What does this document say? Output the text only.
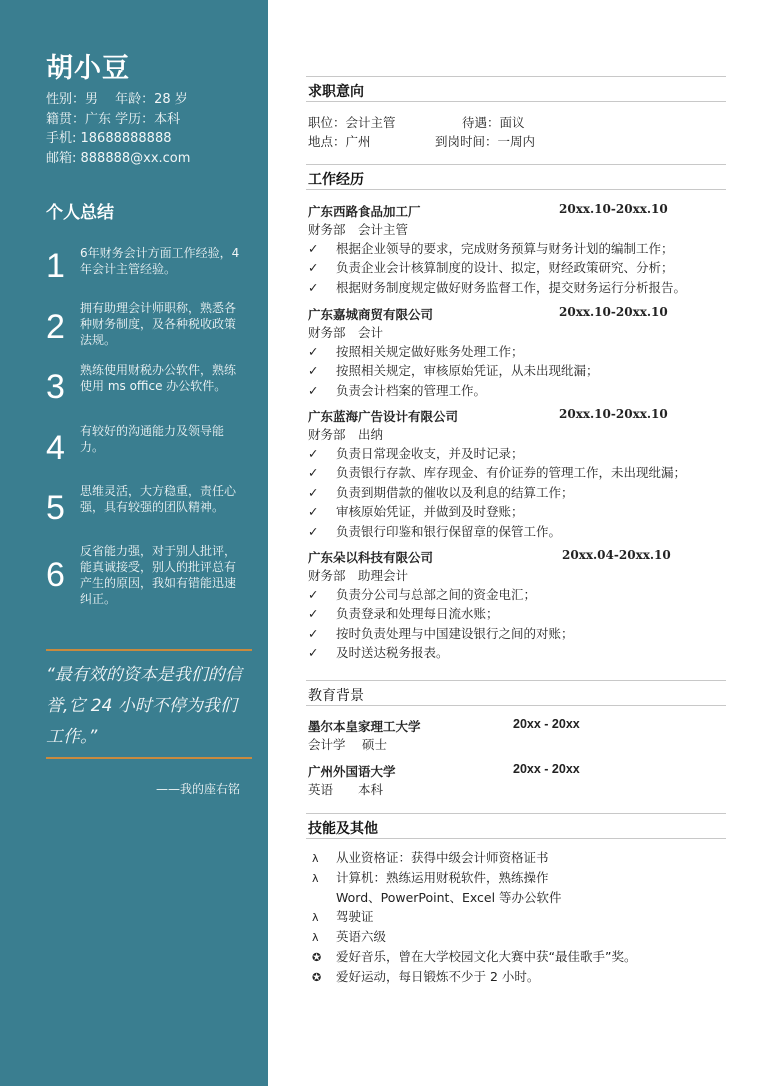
胡小豆
性别：男　 年龄：28 岁
籍贯：广东 学历：本科
手机: 18688888888
邮箱: 888888@xx.com
个人总结
1 6年财务会计方面工作经验，4年会计主管经验。
2 拥有助理会计师职称，熟悉各种财务制度，及各种税收政策法规。
3 熟练使用财税办公软件，熟练使用 ms office 办公软件。
4 有较好的沟通能力及领导能力。
5 思维灵活，大方稳重，责任心强，具有较强的团队精神。
6
反省能力强，对于别人批评，能真诚接受，别人的批评总有产生的原因，我如有错能迅速纠正。
“最有效的资本是我们的信誉,它 24 小时不停为我们工作。”
——我的座右铭
求职意向
职位：会计主管	待遇：面议
地点：广州	到岗时间：一周内
工作经历
广东西路食品加工厂	20xx.10-20xx.10
财务部　会计主管
✓ 根据企业领导的要求，完成财务预算与财务计划的编制工作；
✓ 负责企业会计核算制度的设计、拟定，财经政策研究、分析；
✓ 根据财务制度规定做好财务监督工作，提交财务运行分析报告。
广东嘉城商贸有限公司	20xx.10-20xx.10
财务部　会计
✓ 按照相关规定做好账务处理工作；
✓ 按照相关规定，审核原始凭证，从未出现纰漏；
✓ 负责会计档案的管理工作。
广东蓝海广告设计有限公司	20xx.10-20xx.10
财务部　出纳
✓ 负责日常现金收支，并及时记录；
✓ 负责银行存款、库存现金、有价证券的管理工作，未出现纰漏；
✓ 负责到期借款的催收以及利息的结算工作；
✓ 审核原始凭证，并做到及时登账；
✓ 负责银行印鉴和银行保留章的保管工作。
广东朵以科技有限公司	20xx.04-20xx.10
财务部　助理会计
✓ 负责分公司与总部之间的资金电汇；
✓ 负责登录和处理每日流水账；
✓ 按时负责处理与中国建设银行之间的对账；
✓ 及时送达税务报表。
教育背景
墨尔本皇家理工大学	20xx - 20xx
会计学　 硕士
广州外国语大学	20xx - 20xx
英语　　本科
技能及其他
λ 从业资格证：获得中级会计师资格证书
λ 计算机：熟练运用财税软件，熟练操作
Word、PowerPoint、Excel 等办公软件
λ 驾驶证
λ 英语六级
✪ 爱好音乐，曾在大学校园文化大赛中获“最佳歌手”奖。
✪ 爱好运动，每日锻炼不少于 2 小时。
